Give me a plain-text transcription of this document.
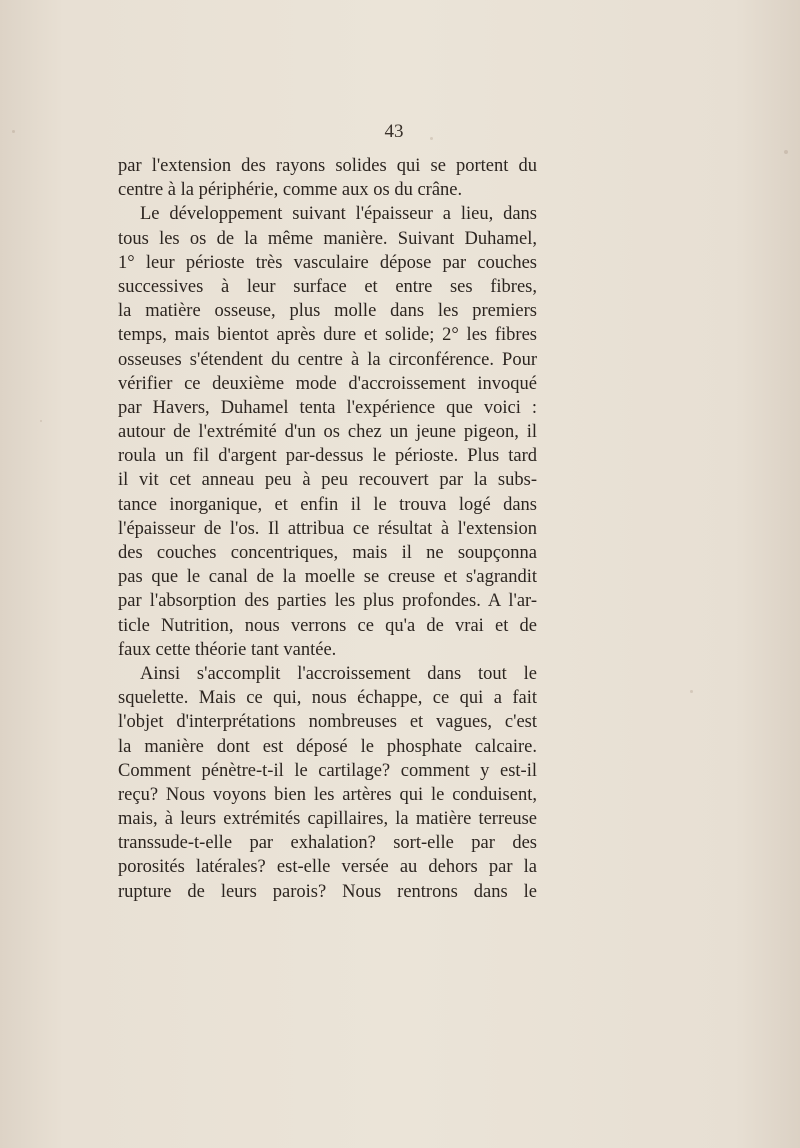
43
par l'extension des rayons solides qui se portent du
centre à la périphérie, comme aux os du crâne.
Le développement suivant l'épaisseur a lieu, dans
tous les os de la même manière. Suivant Duhamel,
1° leur périoste très vasculaire dépose par couches
successives à leur surface et entre ses fibres,
la matière osseuse, plus molle dans les premiers
temps, mais bientot après dure et solide; 2° les fibres
osseuses s'étendent du centre à la circonférence. Pour
vérifier ce deuxième mode d'accroissement invoqué
par Havers, Duhamel tenta l'expérience que voici :
autour de l'extrémité d'un os chez un jeune pigeon, il
roula un fil d'argent par-dessus le périoste. Plus tard
il vit cet anneau peu à peu recouvert par la subs-
tance inorganique, et enfin il le trouva logé dans
l'épaisseur de l'os. Il attribua ce résultat à l'extension
des couches concentriques, mais il ne soupçonna
pas que le canal de la moelle se creuse et s'agrandit
par l'absorption des parties les plus profondes. A l'ar-
ticle Nutrition, nous verrons ce qu'a de vrai et de
faux cette théorie tant vantée.
Ainsi s'accomplit l'accroissement dans tout le
squelette. Mais ce qui, nous échappe, ce qui a fait
l'objet d'interprétations nombreuses et vagues, c'est
la manière dont est déposé le phosphate calcaire.
Comment pénètre-t-il le cartilage? comment y est-il
reçu? Nous voyons bien les artères qui le conduisent,
mais, à leurs extrémités capillaires, la matière terreuse
transsude-t-elle par exhalation? sort-elle par des
porosités latérales? est-elle versée au dehors par la
rupture de leurs parois? Nous rentrons dans le
